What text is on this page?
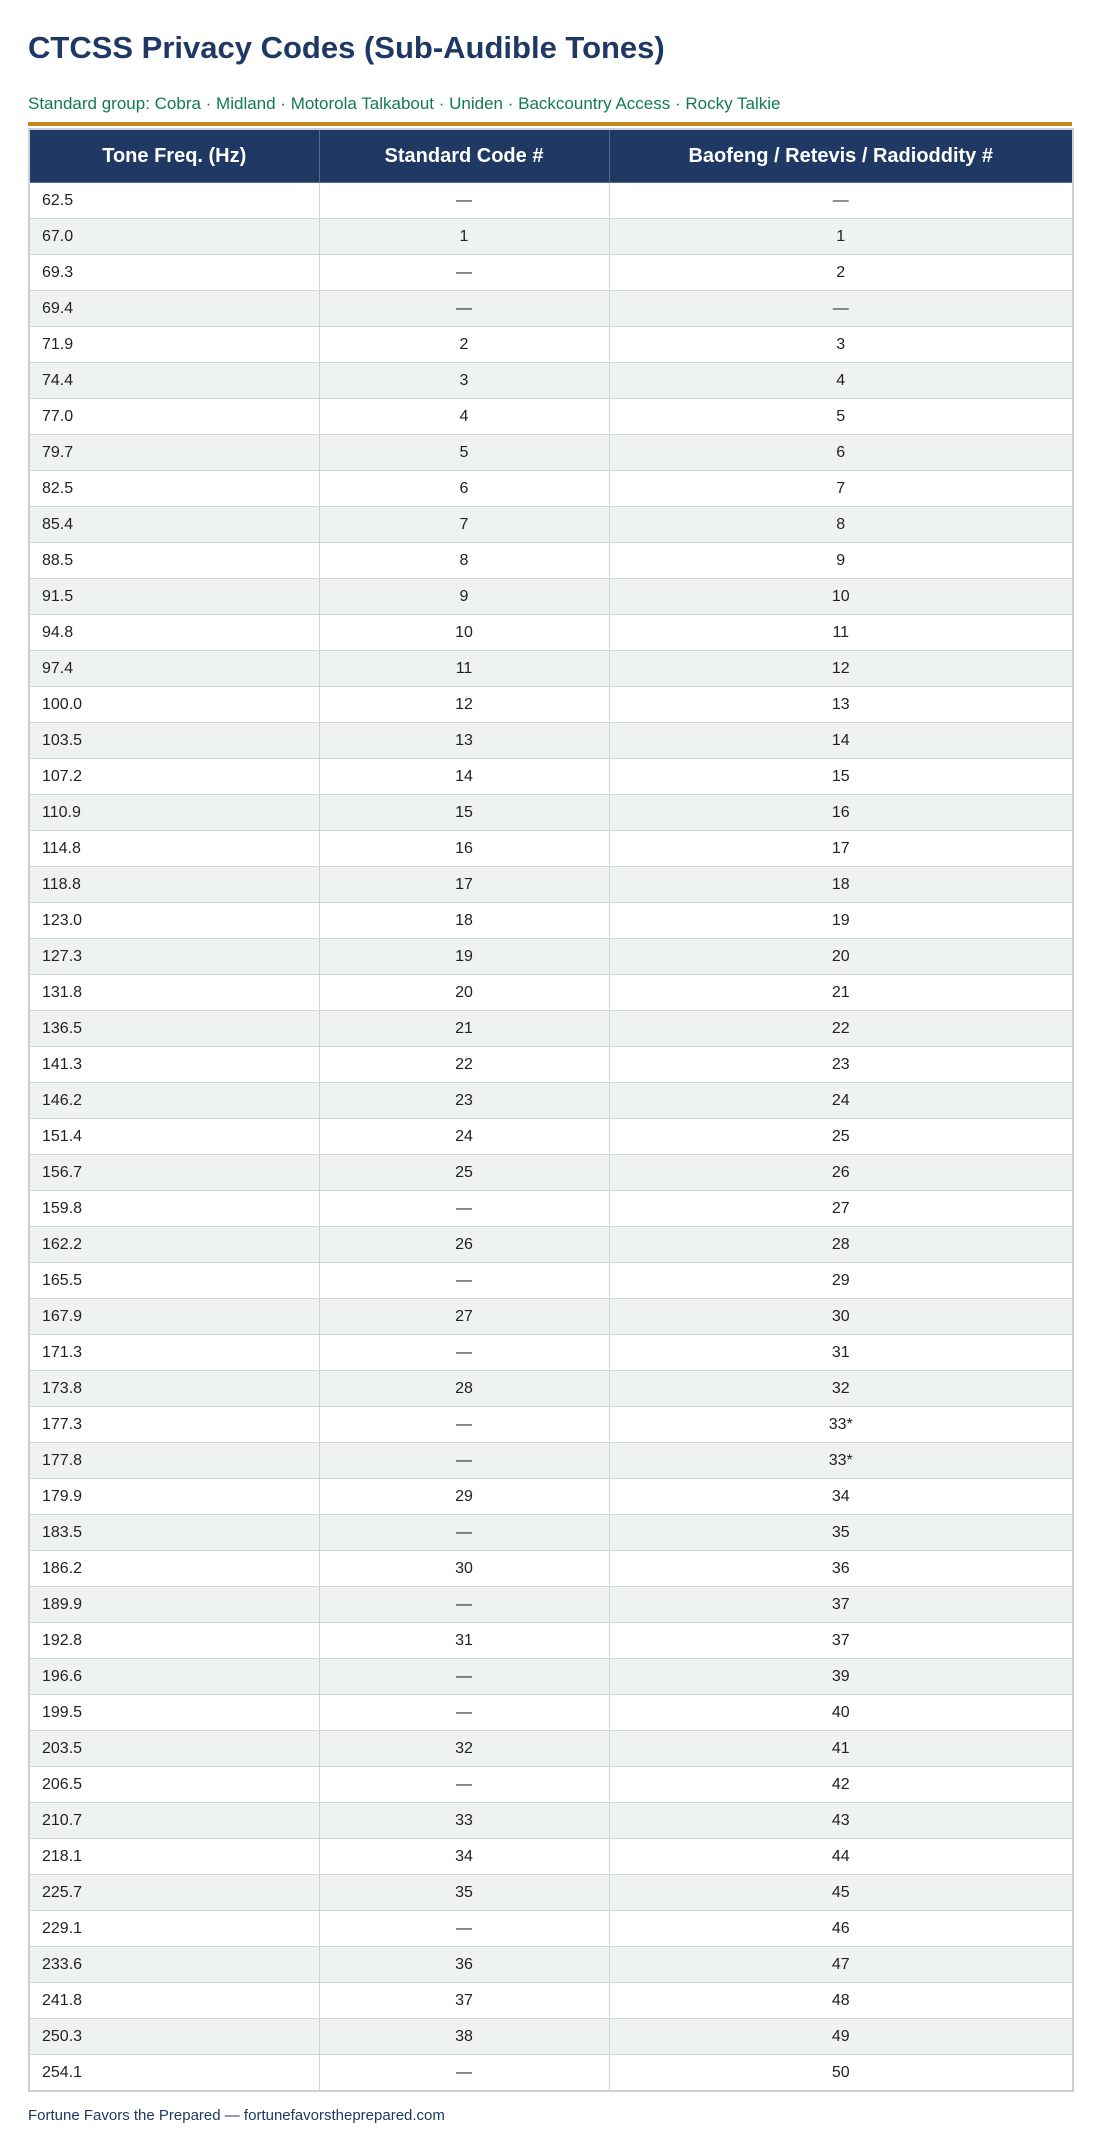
CTCSS Privacy Codes (Sub-Audible Tones)
Standard group: Cobra · Midland · Motorola Talkabout · Uniden · Backcountry Access · Rocky Talkie
Tone Freq. (Hz)	Standard Code #	Baofeng / Retevis / Radioddity #
62.5	—	—
67.0	1	1
69.3	—	2
69.4	—	—
71.9	2	3
74.4	3	4
77.0	4	5
79.7	5	6
82.5	6	7
85.4	7	8
88.5	8	9
91.5	9	10
94.8	10	11
97.4	11	12
100.0	12	13
103.5	13	14
107.2	14	15
110.9	15	16
114.8	16	17
118.8	17	18
123.0	18	19
127.3	19	20
131.8	20	21
136.5	21	22
141.3	22	23
146.2	23	24
151.4	24	25
156.7	25	26
159.8	—	27
162.2	26	28
165.5	—	29
167.9	27	30
171.3	—	31
173.8	28	32
177.3	—	33*
177.8	—	33*
179.9	29	34
183.5	—	35
186.2	30	36
189.9	—	37
192.8	31	37
196.6	—	39
199.5	—	40
203.5	32	41
206.5	—	42
210.7	33	43
218.1	34	44
225.7	35	45
229.1	—	46
233.6	36	47
241.8	37	48
250.3	38	49
254.1	—	50
Fortune Favors the Prepared — fortunefavorstheprepared.com
